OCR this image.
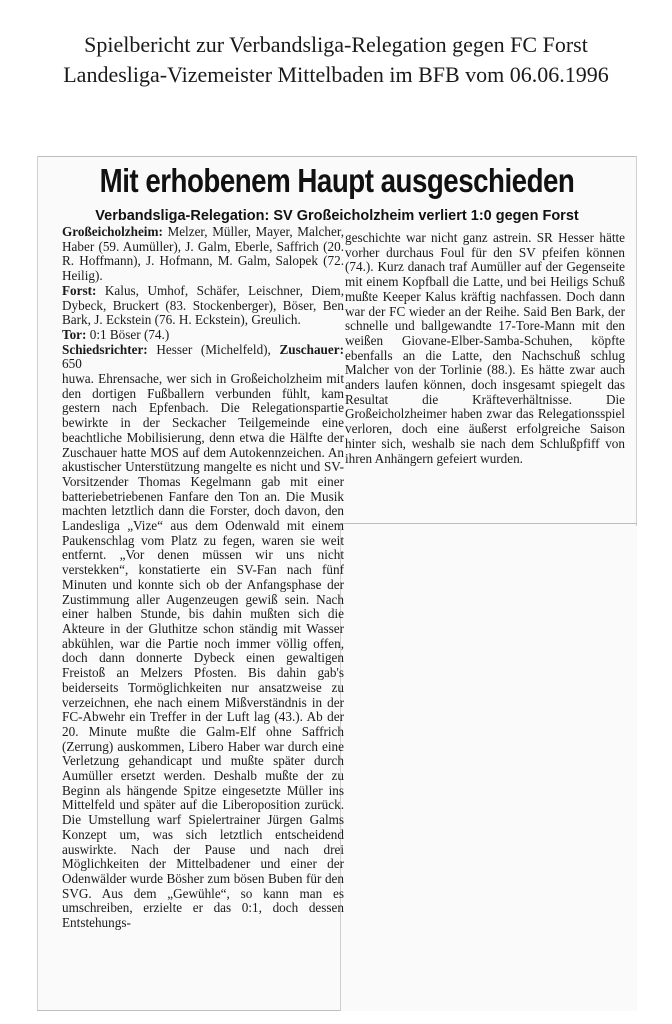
Spielbericht zur Verbandsliga-Relegation gegen FC Forst
Landesliga-Vizemeister Mittelbaden im BFB vom 06.06.1996
Mit erhobenem Haupt ausgeschieden
Verbandsliga-Relegation: SV Großeicholzheim verliert 1:0 gegen Forst

Großeicholzheim: Melzer, Müller, Mayer, Malcher, Haber (59. Aumüller), J. Galm, Eberle, Saffrich (20. R. Hoffmann), J. Hofmann, M. Galm, Salopek (72. Heilig).

Forst: Kalus, Umhof, Schäfer, Leischner, Diem, Dybeck, Bruckert (83. Stockenberger), Böser, Ben Bark, J. Eckstein (76. H. Eckstein), Greulich.

Tor: 0:1 Böser (74.)

Schiedsrichter: Hesser (Michelfeld), Zuschauer: 650

huwa. Ehrensache, wer sich in Großeicholzheim mit den dortigen Fußballern verbunden fühlt, kam gestern nach Epfenbach. Die Relegationspartie bewirkte in der Seckacher Teilgemeinde eine beachtliche Mobilisierung, denn etwa die Hälfte der Zuschauer hatte MOS auf dem Autokennzeichen. An akustischer Unterstützung mangelte es nicht und SV-Vorsitzender Thomas Kegelmann gab mit einer batteriebetriebenen Fanfare den Ton an. Die Musik machten letztlich dann die Forster, doch davon, den Landesliga „Vize“ aus dem Odenwald mit einem Paukenschlag vom Platz zu fegen, waren sie weit entfernt. „Vor denen müssen wir uns nicht verstekken“, konstatierte ein SV-Fan nach fünf Minuten und konnte sich ob der Anfangsphase der Zustimmung aller Augenzeugen gewiß sein. Nach einer halben Stunde, bis dahin mußten sich die Akteure in der Gluthitze schon ständig mit Wasser abkühlen, war die Partie noch immer völlig offen, doch dann donnerte Dybeck einen gewaltigen Freistoß an Melzers Pfosten. Bis dahin gab's beiderseits Tormöglichkeiten nur ansatzweise zu verzeichnen, ehe nach einem Mißverständnis in der FC-Abwehr ein Treffer in der Luft lag (43.). Ab der 20. Minute mußte die Galm-Elf ohne Saffrich (Zerrung) auskommen, Libero Haber war durch eine Verletzung gehandicapt und mußte später durch Aumüller ersetzt werden. Deshalb mußte der zu Beginn als hängende Spitze eingesetzte Müller ins Mittelfeld und später auf die Liberoposition zurück. Die Umstellung warf Spielertrainer Jürgen Galms Konzept um, was sich letztlich entscheidend auswirkte. Nach der Pause und nach drei Möglichkeiten der Mittelbadener und einer der Odenwälder wurde Bösher zum bösen Buben für den SVG. Aus dem „Gewühle“, so kann man es umschreiben, erzielte er das 0:1, doch dessen Entstehungs-

geschichte war nicht ganz astrein. SR Hesser hätte vorher durchaus Foul für den SV pfeifen können (74.). Kurz danach traf Aumüller auf der Gegenseite mit einem Kopfball die Latte, und bei Heiligs Schuß mußte Keeper Kalus kräftig nachfassen. Doch dann war der FC wieder an der Reihe. Said Ben Bark, der schnelle und ballgewandte 17-Tore-Mann mit den weißen Giovane-Elber-Samba-Schuhen, köpfte ebenfalls an die Latte, den Nachschuß schlug Malcher von der Torlinie (88.). Es hätte zwar auch anders laufen können, doch insgesamt spiegelt das Resultat die Kräfteverhältnisse. Die Großeicholzheimer haben zwar das Relegationsspiel verloren, doch eine äußerst erfolgreiche Saison hinter sich, weshalb sie nach dem Schlußpfiff von ihren Anhängern gefeiert wurden.
